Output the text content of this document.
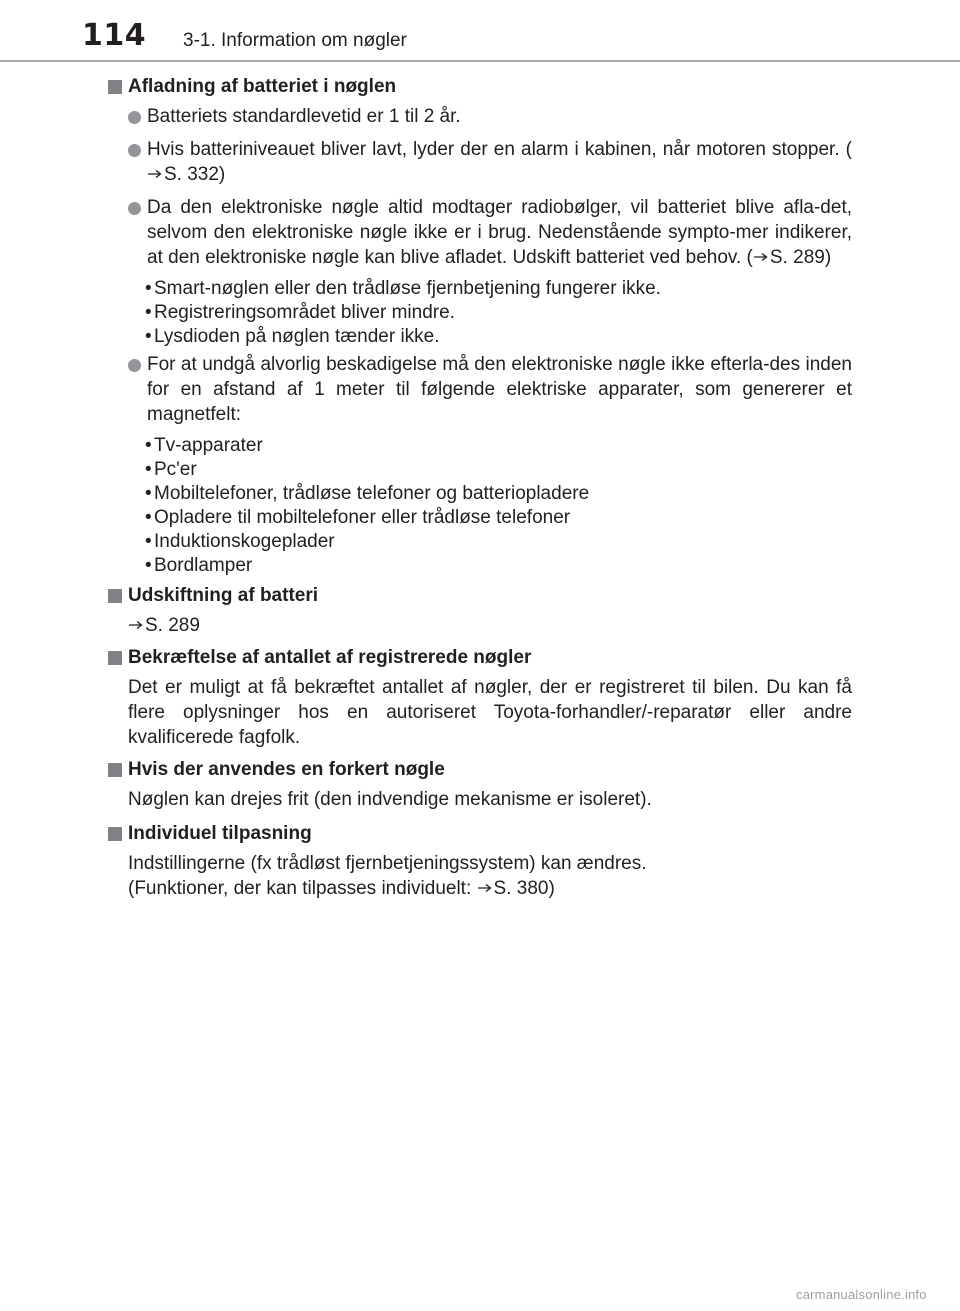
114 3-1. Information om nøgler
Afladning af batteriet i nøglen
Batteriets standardlevetid er 1 til 2 år.
Hvis batteriniveauet bliver lavt, lyder der en alarm i kabinen, når motoren stopper. (S. 332)
Da den elektroniske nøgle altid modtager radiobølger, vil batteriet blive afla-det, selvom den elektroniske nøgle ikke er i brug. Nedenstående sympto-mer indikerer, at den elektroniske nøgle kan blive afladet. Udskift batteriet ved behov. ( S. 289)
• Smart-nøglen eller den trådløse fjernbetjening fungerer ikke.
• Registreringsområdet bliver mindre.
• Lysdioden på nøglen tænder ikke.
For at undgå alvorlig beskadigelse må den elektroniske nøgle ikke efterla-des inden for en afstand af 1 meter til følgende elektriske apparater, som genererer et magnetfelt:
• Tv-apparater
• Pc'er
• Mobiltelefoner, trådløse telefoner og batteriopladere
• Opladere til mobiltelefoner eller trådløse telefoner
• Induktionskogeplader
• Bordlamper
Udskiftning af batteri
S. 289
Bekræftelse af antallet af registrerede nøgler
Det er muligt at få bekræftet antallet af nøgler, der er registreret til bilen. Du kan få flere oplysninger hos en autoriseret Toyota-forhandler/-reparatør eller andre kvalificerede fagfolk.
Hvis der anvendes en forkert nøgle
Nøglen kan drejes frit (den indvendige mekanisme er isoleret).
Individuel tilpasning
Indstillingerne (fx trådløst fjernbetjeningssystem) kan ændres.
(Funktioner, der kan tilpasses individuelt: S. 380)
carmanualsonline.info
